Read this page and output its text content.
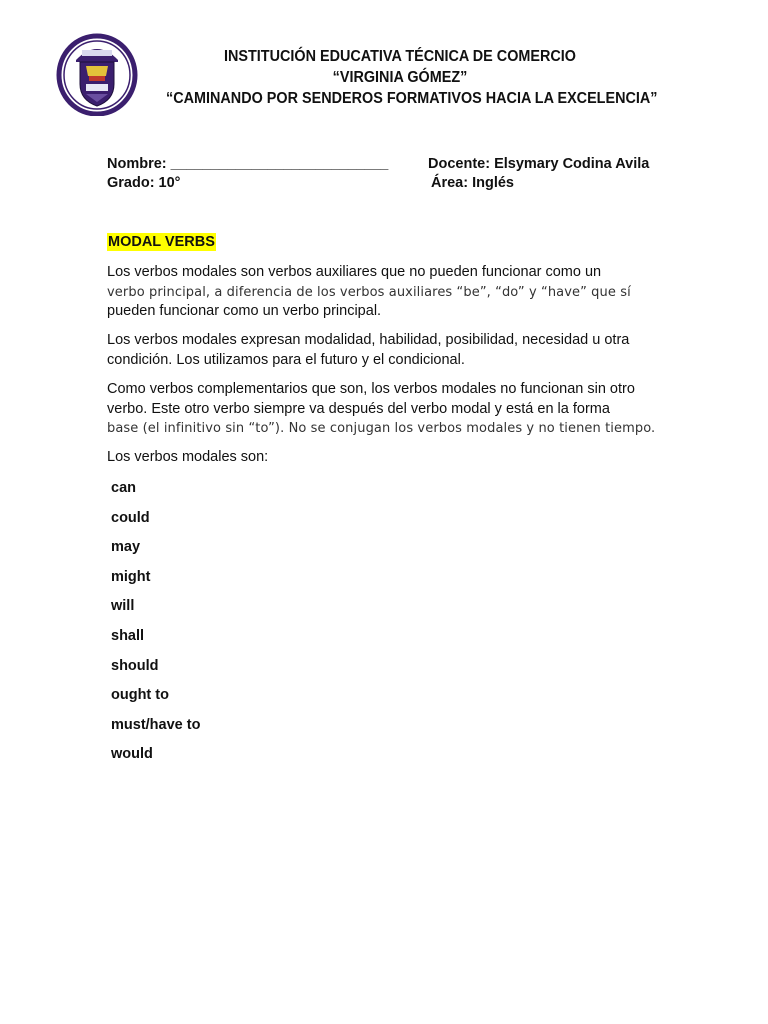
INSTITUCIÓN EDUCATIVA TÉCNICA DE COMERCIO
“VIRGINIA GÓMEZ”
“CAMINANDO POR SENDEROS FORMATIVOS HACIA LA EXCELENCIA”
Nombre: ___________________________	Docente: Elsymary Codina Avila
Grado: 10°	Área: Inglés
MODAL VERBS
Los verbos modales son verbos auxiliares que no pueden funcionar como un
verbo principal, a diferencia de los verbos auxiliares “be”, “do” y “have” que sí
pueden funcionar como un verbo principal.
Los verbos modales expresan modalidad, habilidad, posibilidad, necesidad u otra
condición. Los utilizamos para el futuro y el condicional.
Como verbos complementarios que son, los verbos modales no funcionan sin otro
verbo. Este otro verbo siempre va después del verbo modal y está en la forma
base (el infinitivo sin “to”). No se conjugan los verbos modales y no tienen tiempo.
Los verbos modales son:
can
could
may
might
will
shall
should
ought to
must/have to
would
